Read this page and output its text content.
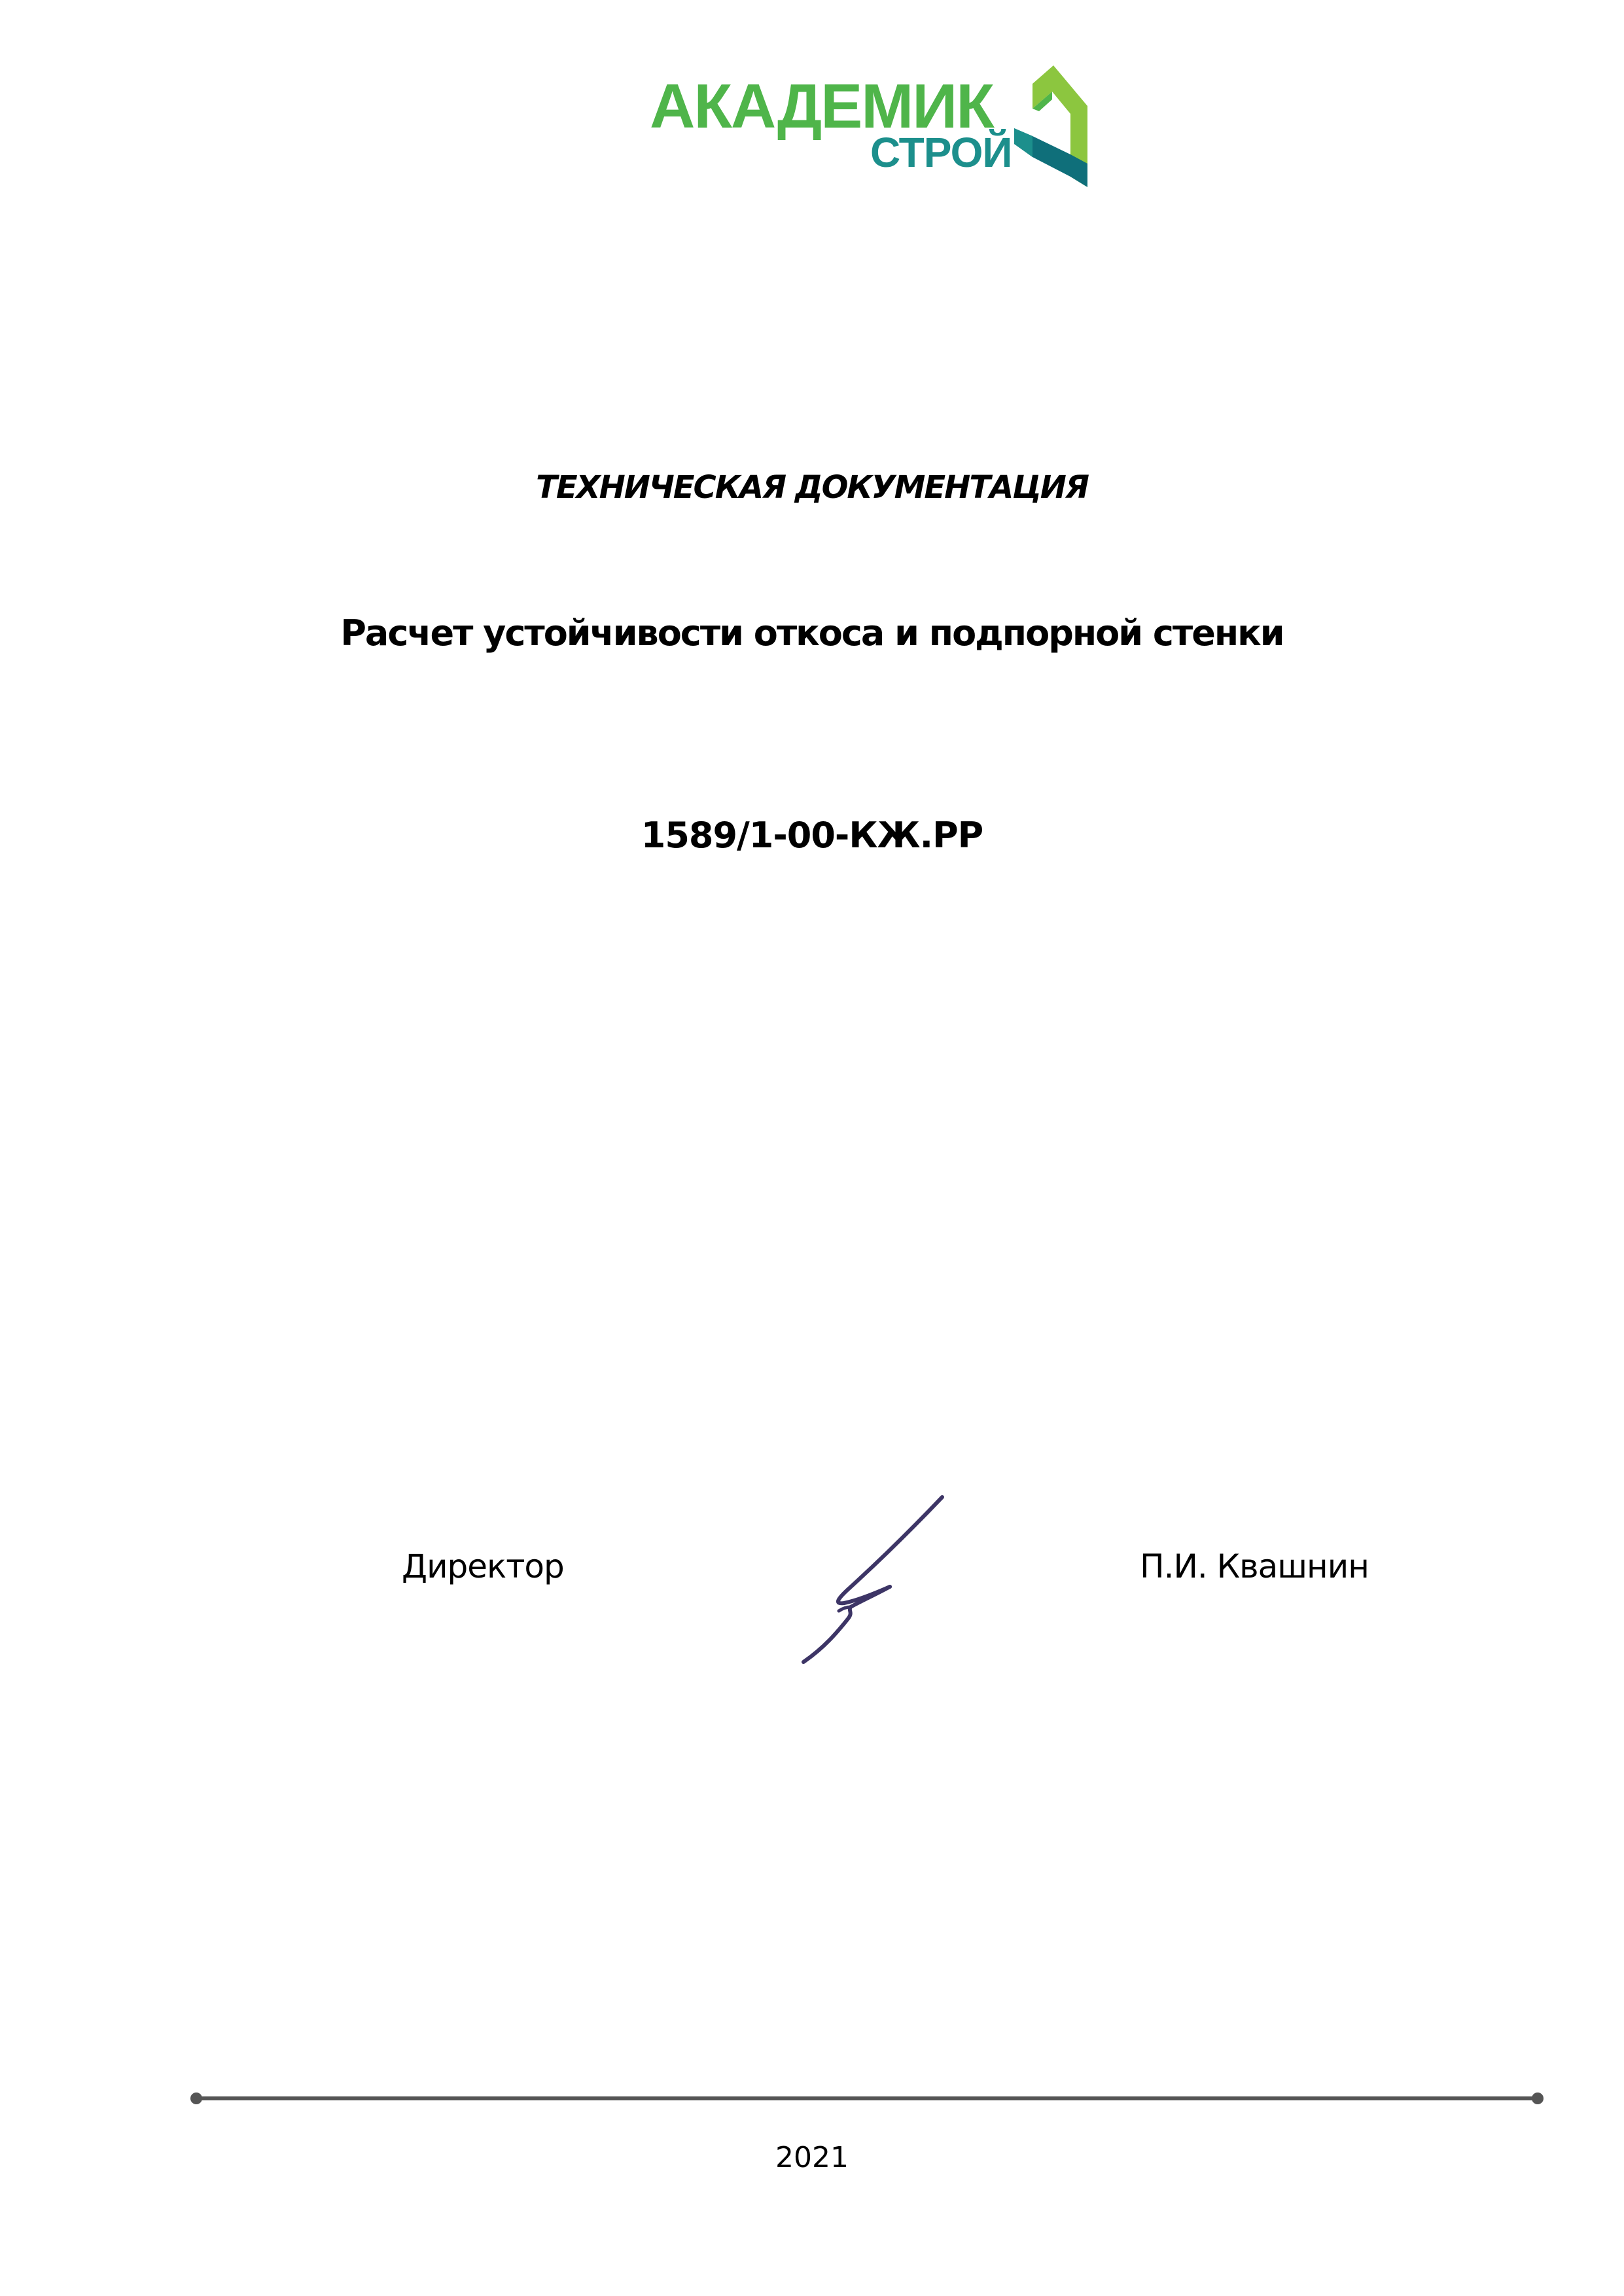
АКАДЕМИК
СТРОЙ
ТЕХНИЧЕСКАЯ ДОКУМЕНТАЦИЯ
Расчет устойчивости откоса и подпорной стенки
1589/1-00-КЖ.РР
Директор	П.И. Квашнин
2021
